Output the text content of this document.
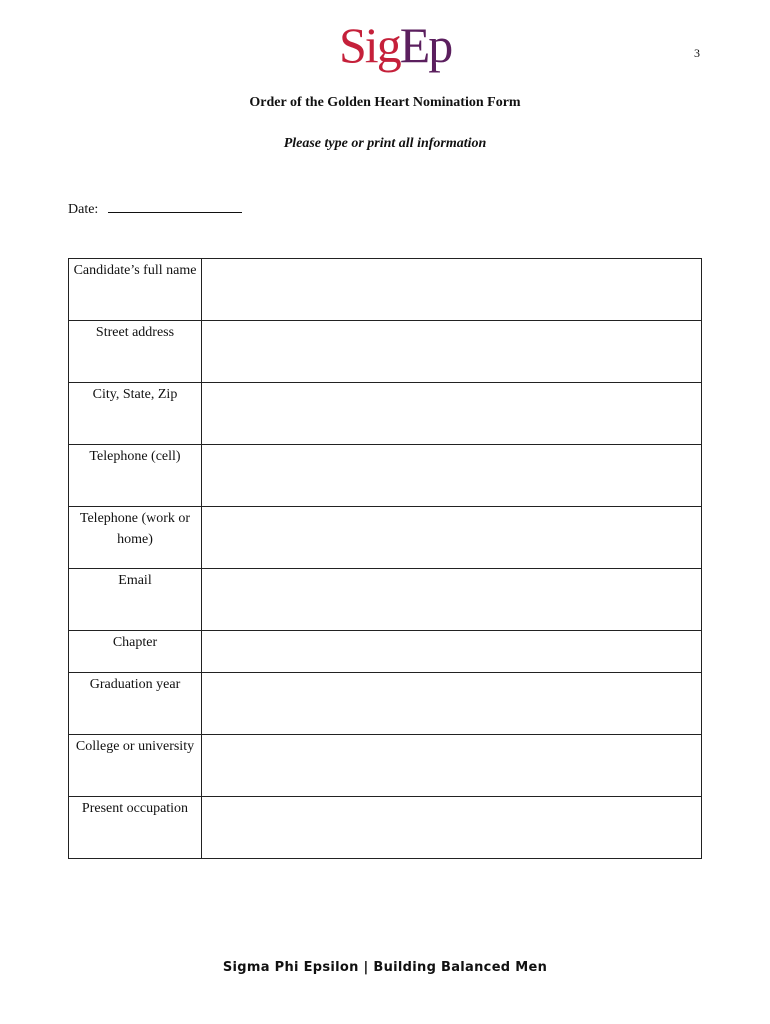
SigEp	3
Order of the Golden Heart Nomination Form
Please type or print all information
Date:
Candidate’s full name	
Street address	
City, State, Zip	
Telephone (cell)	
Telephone (work or home)	
Email	
Chapter	
Graduation year	
College or university	
Present occupation	
Sigma Phi Epsilon | Building Balanced Men
